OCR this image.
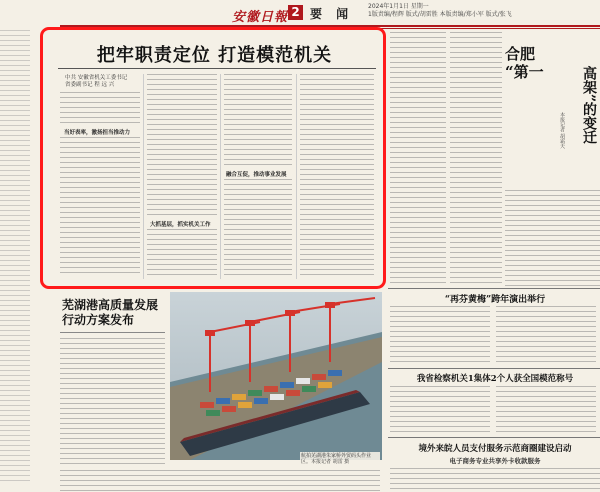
安徽日報 2 要 闻
2024年1月1日 星期一
1版责编/程辉 版式/胡雷胜 本版责编/郑小军 版式/张飞
把牢职责定位 打造模范机关
中共 安徽省机关工委书记
省委副书记 程 远 兴
当好表率，激扬担当推动力
大抓基层，抓实机关工作
融合互促，推动事业发展
合肥
“第一	高架”的变迁
本报记者 胡霜天
芜湖港高质量发展行动方案发布
航拍芜湖港朱家桥外贸码头作业区。本报记者 胡雷 摄
“再芬黄梅”跨年演出举行
我省检察机关1集体2个人获全国模范称号
境外来皖人员支付服务示范商圈建设启动
电子商务专业共享外卡收款服务
